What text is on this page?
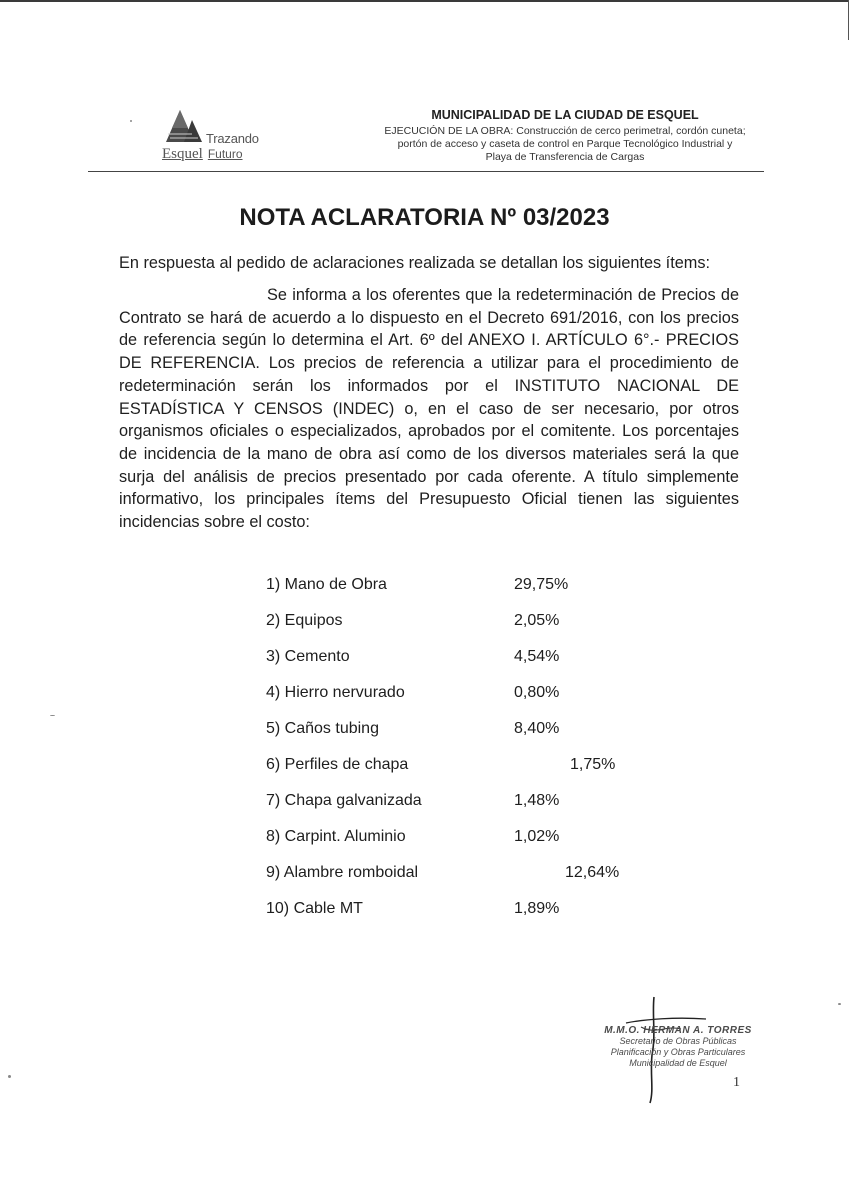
Trazando
Esquel Futuro

MUNICIPALIDAD DE LA CIUDAD DE ESQUEL

EJECUCIÓN DE LA OBRA: Construcción de cerco perimetral, cordón cuneta;

portón de acceso y caseta de control en Parque Tecnológico Industrial y

Playa de Transferencia de Cargas

NOTA ACLARATORIA Nº 03/2023

En respuesta al pedido de aclaraciones realizada se detallan los siguientes ítems:

Se informa a los oferentes que la redeterminación de Precios de Contrato se hará de acuerdo a lo dispuesto en el Decreto 691/2016, con los precios de referencia según lo determina el Art. 6º del ANEXO I. ARTÍCULO 6°.- PRECIOS DE REFERENCIA. Los precios de referencia a utilizar para el procedimiento de redeterminación serán los informados por el INSTITUTO NACIONAL DE ESTADÍSTICA Y CENSOS (INDEC) o, en el caso de ser necesario, por otros organismos oficiales o especializados, aprobados por el comitente. Los porcentajes de incidencia de la mano de obra así como de los diversos materiales será la que surja del análisis de precios presentado por cada oferente. A título simplemente informativo, los principales ítems del Presupuesto Oficial tienen las siguientes incidencias sobre el costo:

1) Mano de Obra	29,75%
2) Equipos	2,05%
3) Cemento	4,54%
4) Hierro nervurado	0,80%
5) Caños tubing	8,40%
6) Perfiles de chapa	1,75%
7) Chapa galvanizada	1,48%
8) Carpint. Aluminio	1,02%
9) Alambre romboidal	12,64%
10) Cable MT	1,89%

M.M.O. HERMAN A. TORRES

Secretario de Obras Públicas

Planificación y Obras Particulares

Municipalidad de Esquel

1
